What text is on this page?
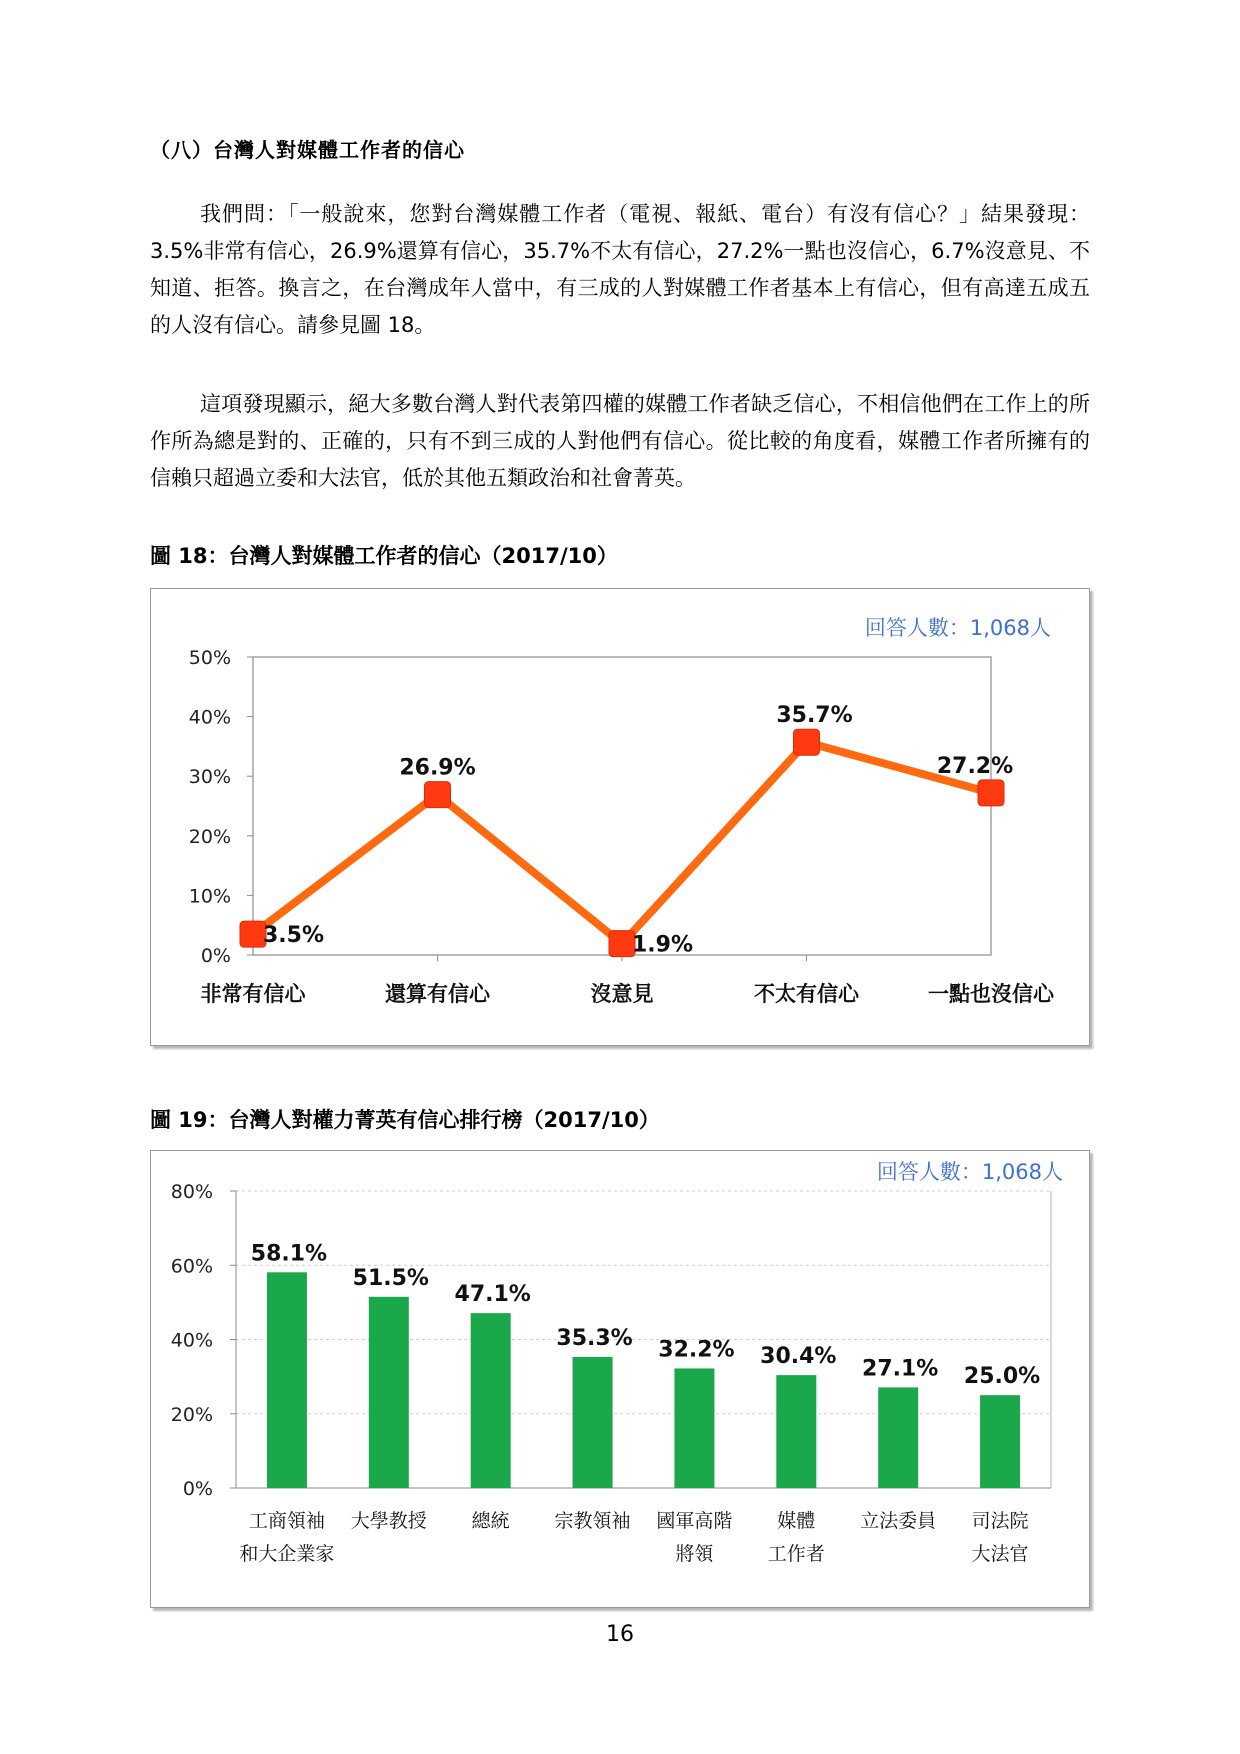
（八）台灣人對媒體工作者的信心
我們問：「一般說來，您對台灣媒體工作者（電視、報紙、電台）有沒有信心？」結果發現：3.5%非常有信心，26.9%還算有信心，35.7%不太有信心，27.2%一點也沒信心，6.7%沒意見、不知道、拒答。換言之，在台灣成年人當中，有三成的人對媒體工作者基本上有信心，但有高達五成五的人沒有信心。請參見圖 18。
這項發現顯示，絕大多數台灣人對代表第四權的媒體工作者缺乏信心，不相信他們在工作上的所作所為總是對的、正確的，只有不到三成的人對他們有信心。從比較的角度看，媒體工作者所擁有的信賴只超過立委和大法官，低於其他五類政治和社會菁英。
圖 18：台灣人對媒體工作者的信心（2017/10）
回答人數：1,068人
0%
10%
20%
30%
40%
50%
3.5%
非常有信心
26.9%
還算有信心
1.9%
沒意見
35.7%
不太有信心
27.2%
一點也沒信心
圖 19：台灣人對權力菁英有信心排行榜（2017/10）
回答人數：1,068人
0%
20%
40%
60%
80%
58.1%
工商領袖
和大企業家
51.5%
大學教授
47.1%
總統
35.3%
宗教領袖
32.2%
國軍高階
將領
30.4%
媒體
工作者
27.1%
立法委員
25.0%
司法院
大法官
16
